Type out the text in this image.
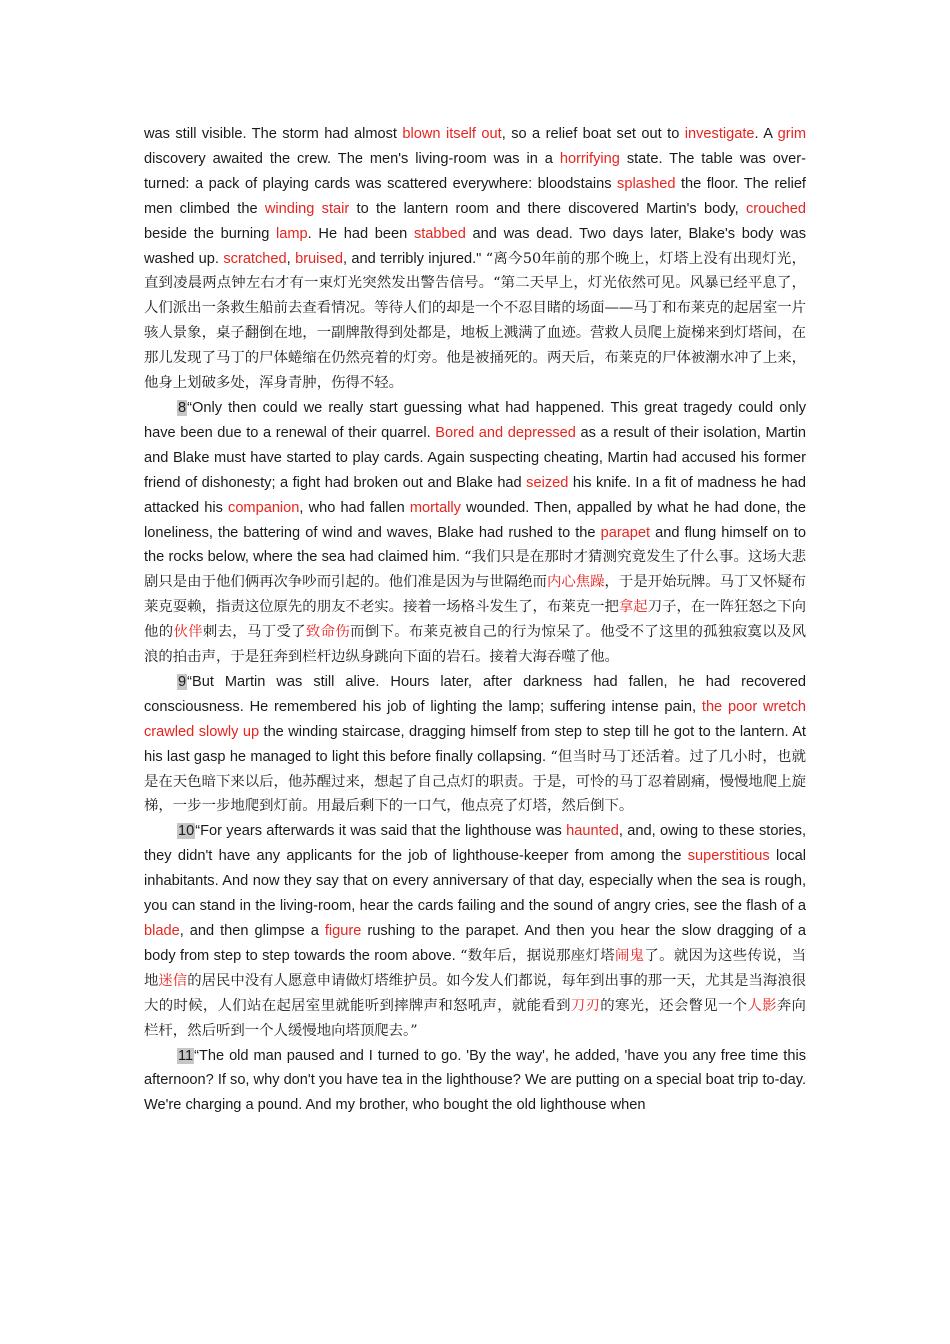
was still visible. The storm had almost blown itself out, so a relief boat set out to investigate. A grim discovery awaited the crew. The men's living-room was in a horrifying state. The table was over-turned: a pack of playing cards was scattered everywhere: bloodstains splashed the floor. The relief men climbed the winding stair to the lantern room and there discovered Martin's body, crouched beside the burning lamp. He had been stabbed and was dead. Two days later, Blake's body was washed up. scratched, bruised, and terribly injured." “离今50年前的那个晚上，灯塔上没有出现灯光，直到凌晨两点钟左右才有一束灯光突然发出警告信号。“第二天早上，灯光依然可见。风暴已经平息了，人们派出一条救生船前去查看情况。等待人们的却是一个不忍目睹的场面——马丁和布莱克的起居室一片骇人景象，桌子翻倒在地，一副牌散得到处都是，地板上溅满了血迹。营救人员爬上旋梯来到灯塔间，在那儿发现了马丁的尸体蜷缩在仍然亮着的灯旁。他是被捅死的。两天后，布莱克的尸体被潮水冲了上来，他身上划破多处，浑身青肿，伤得不轻。

8“Only then could we really start guessing what had happened. This great tragedy could only have been due to a renewal of their quarrel. Bored and depressed as a result of their isolation, Martin and Blake must have started to play cards. Again suspecting cheating, Martin had accused his former friend of dishonesty; a fight had broken out and Blake had seized his knife. In a fit of madness he had attacked his companion, who had fallen mortally wounded. Then, appalled by what he had done, the loneliness, the battering of wind and waves, Blake had rushed to the parapet and flung himself on to the rocks below, where the sea had claimed him. “我们只是在那时才猜测究竟发生了什么事。这场大悲剧只是由于他们俩再次争吵而引起的。他们准是因为与世隔绝而内心焦躁，于是开始玩牌。马丁又怀疑布莱克耍赖，指责这位原先的朋友不老实。接着一场格斗发生了，布莱克一把拿起刀子，在一阵狂怒之下向他的伙伴刺去，马丁受了致命伤而倒下。布莱克被自己的行为惊呆了。他受不了这里的孤独寂寞以及风浪的拍击声，于是狂奔到栏杆边纵身跳向下面的岩石。接着大海吞噬了他。

9“But Martin was still alive. Hours later, after darkness had fallen, he had recovered consciousness. He remembered his job of lighting the lamp; suffering intense pain, the poor wretch crawled slowly up the winding staircase, dragging himself from step to step till he got to the lantern. At his last gasp he managed to light this before finally collapsing. “但当时马丁还活着。过了几小时，也就是在天色暗下来以后，他苏醒过来，想起了自己点灯的职责。于是，可怜的马丁忍着剧痛，慢慢地爬上旋梯，一步一步地爬到灯前。用最后剩下的一口气，他点亮了灯塔，然后倒下。

10“For years afterwards it was said that the lighthouse was haunted, and, owing to these stories, they didn't have any applicants for the job of lighthouse-keeper from among the superstitious local inhabitants. And now they say that on every anniversary of that day, especially when the sea is rough, you can stand in the living-room, hear the cards failing and the sound of angry cries, see the flash of a blade, and then glimpse a figure rushing to the parapet. And then you hear the slow dragging of a body from step to step towards the room above. “数年后，据说那座灯塔闹鬼了。就因为这些传说，当地迷信的居民中没有人愿意申请做灯塔维护员。如今发人们都说，每年到出事的那一天，尤其是当海浪很大的时候，人们站在起居室里就能听到摔牌声和怒吼声，就能看到刀刃的寒光，还会瞥见一个人影奔向栏杆，然后听到一个人缓慢地向塔顶爬去。”

11“The old man paused and I turned to go. 'By the way', he added, 'have you any free time this afternoon? If so, why don't you have tea in the lighthouse? We are putting on a special boat trip to-day. We're charging a pound. And my brother, who bought the old lighthouse when
